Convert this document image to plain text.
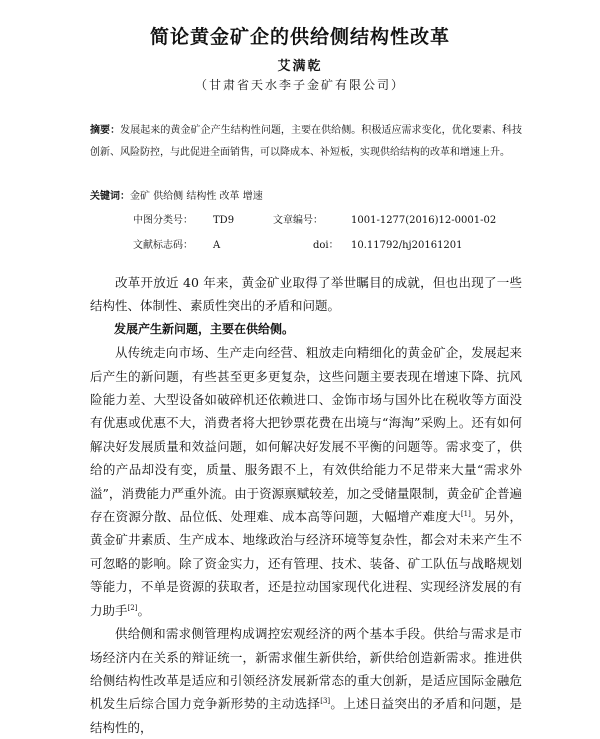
简论黄金矿企的供给侧结构性改革
艾满乾
（甘肃省天水李子金矿有限公司）
摘要：发展起来的黄金矿企产生结构性问题，主要在供给侧。积极适应需求变化，优化要素、科技创新、风险防控，与此促进全面销售，可以降成本、补短板，实现供给结构的改革和增速上升。
关键词：金矿 供给侧 结构性 改革 增速
中图分类号： TD9	文章编号：	1001-1277(2016)12-0001-02
文献标志码： A	doi： 10.11792/hj20161201

改革开放近 40 年来，黄金矿业取得了举世瞩目的成就，但也出现了一些结构性、体制性、素质性突出的矛盾和问题。

发展产生新问题，主要在供给侧。

从传统走向市场、生产走向经营、粗放走向精细化的黄金矿企，发展起来后产生的新问题，有些甚至更多更复杂，这些问题主要表现在增速下降、抗风险能力差、大型设备如破碎机还依赖进口、金饰市场与国外比在税收等方面没有优惠或优惠不大，消费者将大把钞票花费在出境与“海淘”采购上。还有如何解决好发展质量和效益问题，如何解决好发展不平衡的问题等。需求变了，供给的产品却没有变，质量、服务跟不上，有效供给能力不足带来大量“需求外溢”，消费能力严重外流。由于资源禀赋较差，加之受储量限制，黄金矿企普遍存在资源分散、品位低、处理难、成本高等问题，大幅增产难度大[1]。另外，黄金矿井素质、生产成本、地缘政治与经济环境等复杂性，都会对未来产生不可忽略的影响。除了资金实力，还有管理、技术、装备、矿工队伍与战略规划等能力，不单是资源的获取者，还是拉动国家现代化进程、实现经济发展的有力助手[2]。

供给侧和需求侧管理构成调控宏观经济的两个基本手段。供给与需求是市场经济内在关系的辩证统一，新需求催生新供给，新供给创造新需求。推进供给侧结构性改革是适应和引领经济发展新常态的重大创新，是适应国际金融危机发生后综合国力竞争新形势的主动选择[3]。上述日益突出的矛盾和问题，是结构性的，
